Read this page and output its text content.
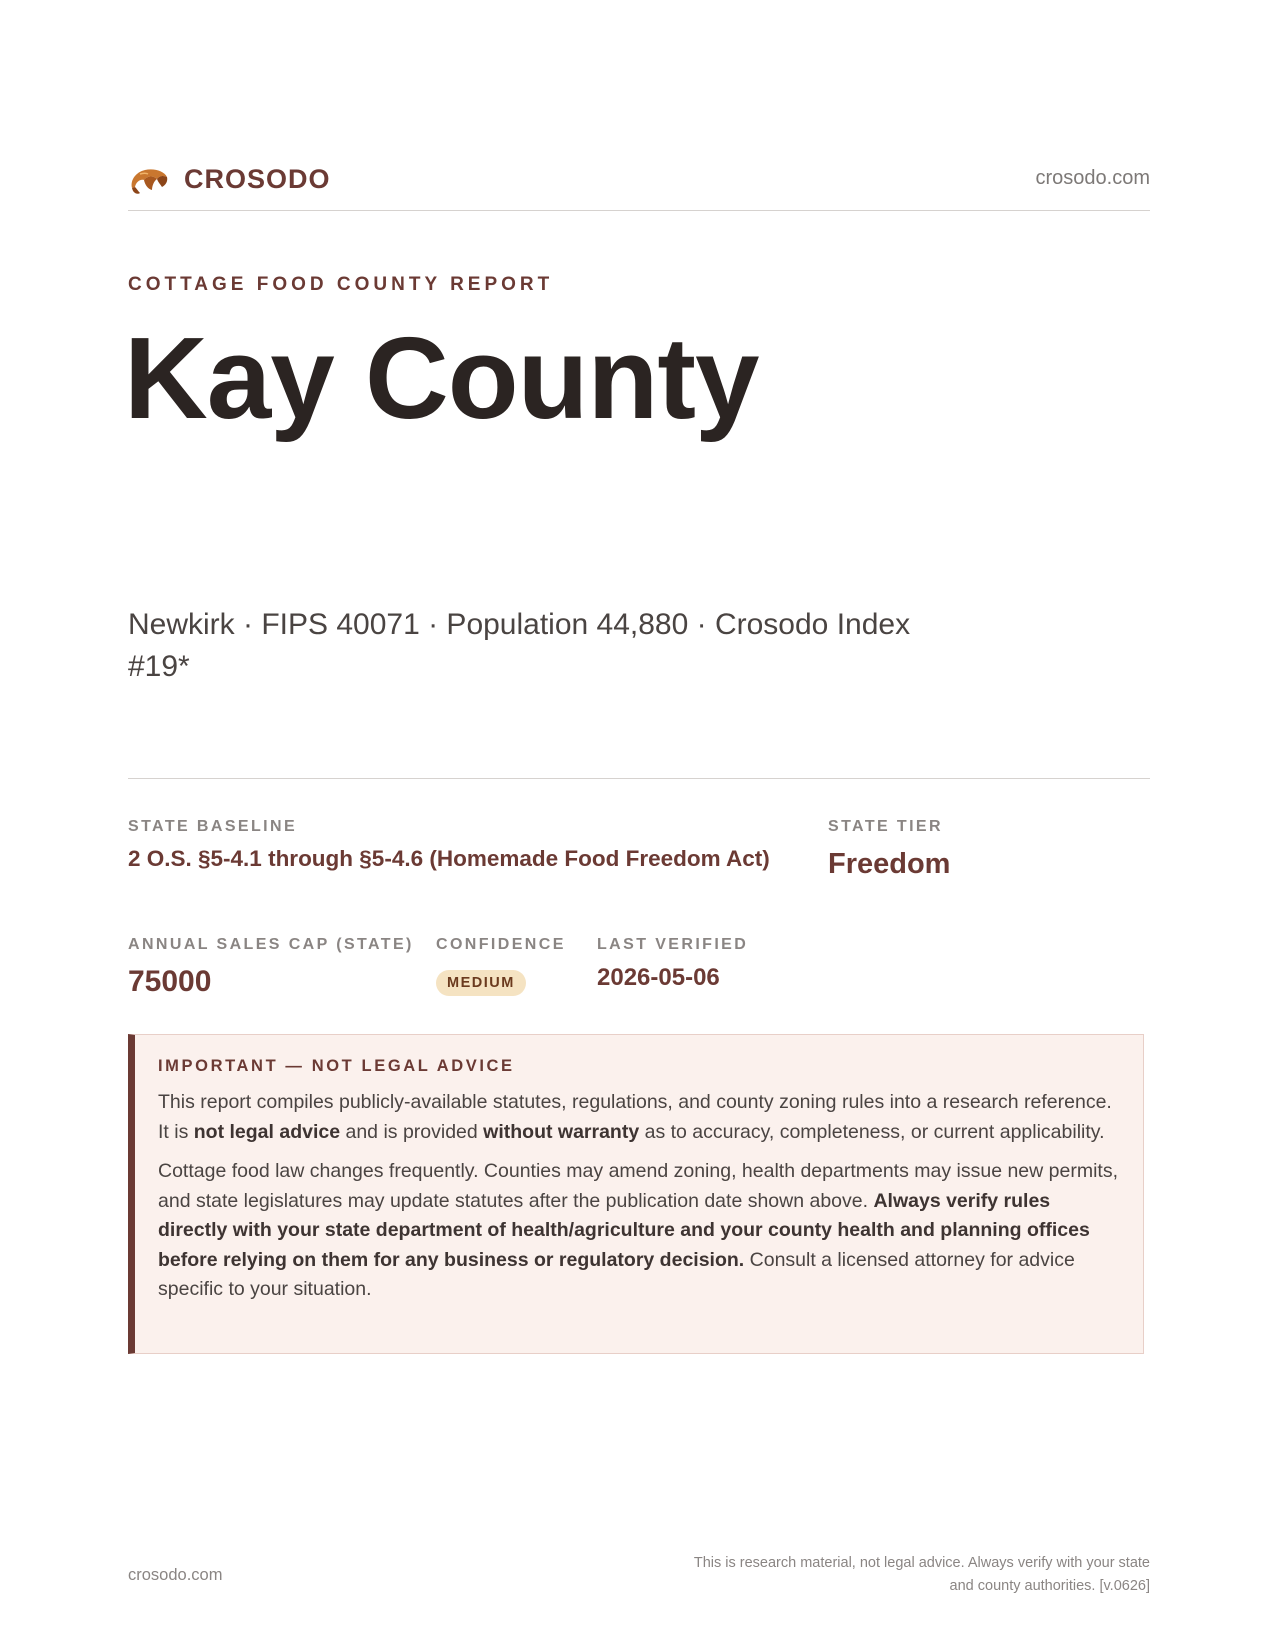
CROSODO	crosodo.com
COTTAGE FOOD COUNTY REPORT
Kay County
Newkirk · FIPS 40071 · Population 44,880 · Crosodo Index #19*
STATE BASELINE
2 O.S. §5-4.1 through §5-4.6 (Homemade Food Freedom Act)
STATE TIER
Freedom
ANNUAL SALES CAP (STATE)
75000
CONFIDENCE
MEDIUM
LAST VERIFIED
2026-05-06
IMPORTANT — NOT LEGAL ADVICE

This report compiles publicly-available statutes, regulations, and county zoning rules into a research reference. It is not legal advice and is provided without warranty as to accuracy, completeness, or current applicability.

Cottage food law changes frequently. Counties may amend zoning, health departments may issue new permits, and state legislatures may update statutes after the publication date shown above. Always verify rules directly with your state department of health/agriculture and your county health and planning offices before relying on them for any business or regulatory decision. Consult a licensed attorney for advice specific to your situation.

crosodo.com
This is research material, not legal advice. Always verify with your state
and county authorities. [v.0626]
